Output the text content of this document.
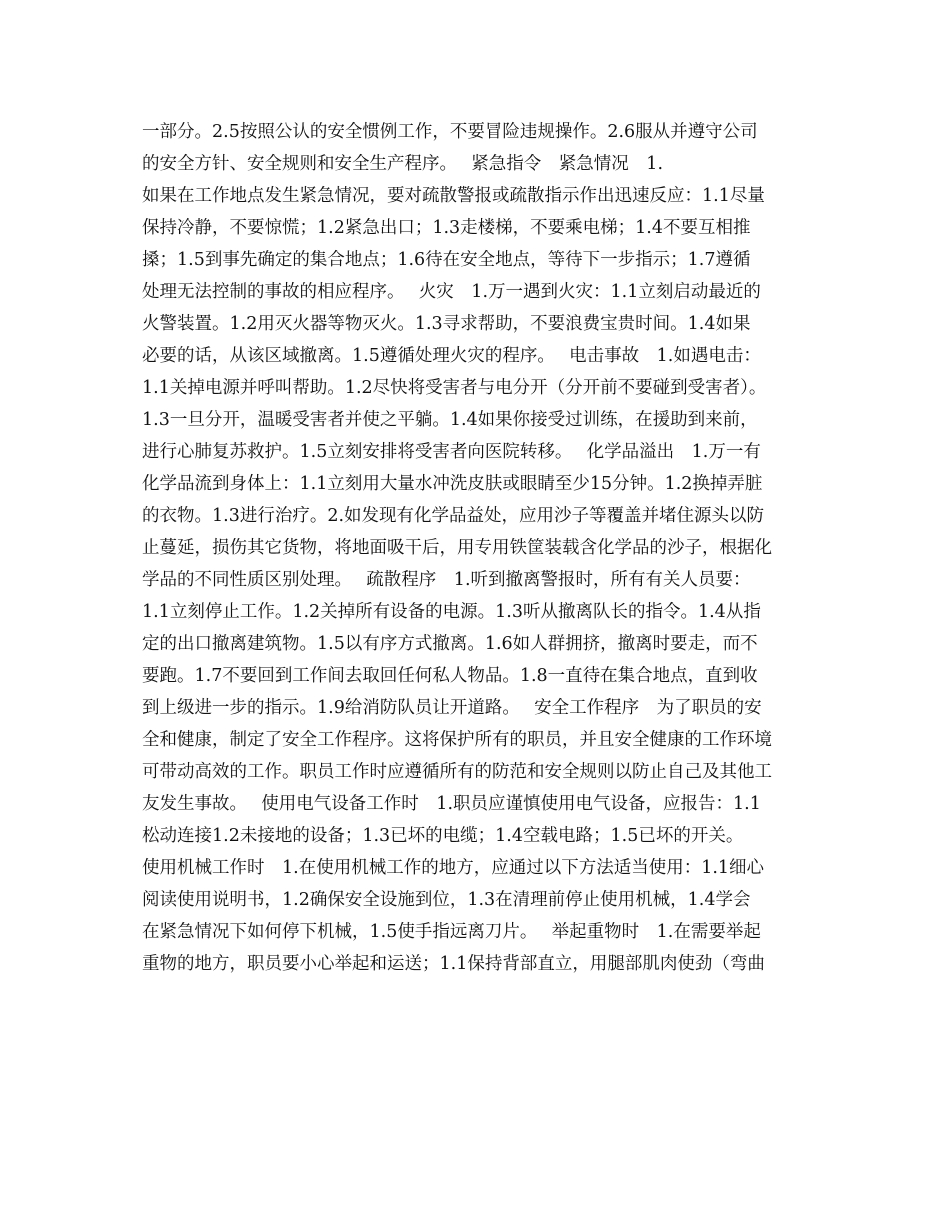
一部分。2.5按照公认的安全惯例工作，不要冒险违规操作。2.6服从并遵守公司
的安全方针、安全规则和安全生产程序。　 紧急指令　紧急情况　1.
如果在工作地点发生紧急情况，要对疏散警报或疏散指示作出迅速反应：1.1尽量
保持冷静，不要惊慌；1.2紧急出口；1.3走楼梯，不要乘电梯；1.4不要互相推
搡；1.5到事先确定的集合地点；1.6待在安全地点，等待下一步指示；1.7遵循
处理无法控制的事故的相应程序。　 火灾　1.万一遇到火灾：1.1立刻启动最近的
火警装置。1.2用灭火器等物灭火。1.3寻求帮助，不要浪费宝贵时间。1.4如果
必要的话，从该区域撤离。1.5遵循处理火灾的程序。　 电击事故　1.如遇电击：
1.1关掉电源并呼叫帮助。1.2尽快将受害者与电分开（分开前不要碰到受害者）。
1.3一旦分开，温暖受害者并使之平躺。1.4如果你接受过训练，在援助到来前，
进行心肺复苏救护。1.5立刻安排将受害者向医院转移。　 化学品溢出　1.万一有
化学品流到身体上：1.1立刻用大量水冲洗皮肤或眼睛至少15分钟。1.2换掉弄脏
的衣物。1.3进行治疗。2.如发现有化学品益处，应用沙子等覆盖并堵住源头以防
止蔓延，损伤其它货物，将地面吸干后，用专用铁筐装载含化学品的沙子，根据化
学品的不同性质区别处理。　 疏散程序　1.听到撤离警报时，所有有关人员要：
1.1立刻停止工作。1.2关掉所有设备的电源。1.3听从撤离队长的指令。1.4从指
定的出口撤离建筑物。1.5以有序方式撤离。1.6如人群拥挤，撤离时要走，而不
要跑。1.7不要回到工作间去取回任何私人物品。1.8一直待在集合地点，直到收
到上级进一步的指示。1.9给消防队员让开道路。　 安全工作程序　为了职员的安
全和健康，制定了安全工作程序。这将保护所有的职员，并且安全健康的工作环境
可带动高效的工作。职员工作时应遵循所有的防范和安全规则以防止自己及其他工
友发生事故。　 使用电气设备工作时　1.职员应谨慎使用电气设备，应报告：1.1
松动连接1.2未接地的设备；1.3已坏的电缆；1.4空载电路；1.5已坏的开关。
使用机械工作时　1.在使用机械工作的地方，应通过以下方法适当使用：1.1细心
阅读使用说明书，1.2确保安全设施到位，1.3在清理前停止使用机械，1.4学会
在紧急情况下如何停下机械，1.5使手指远离刀片。　 举起重物时　1.在需要举起
重物的地方，职员要小心举起和运送；1.1保持背部直立，用腿部肌肉使劲（弯曲
